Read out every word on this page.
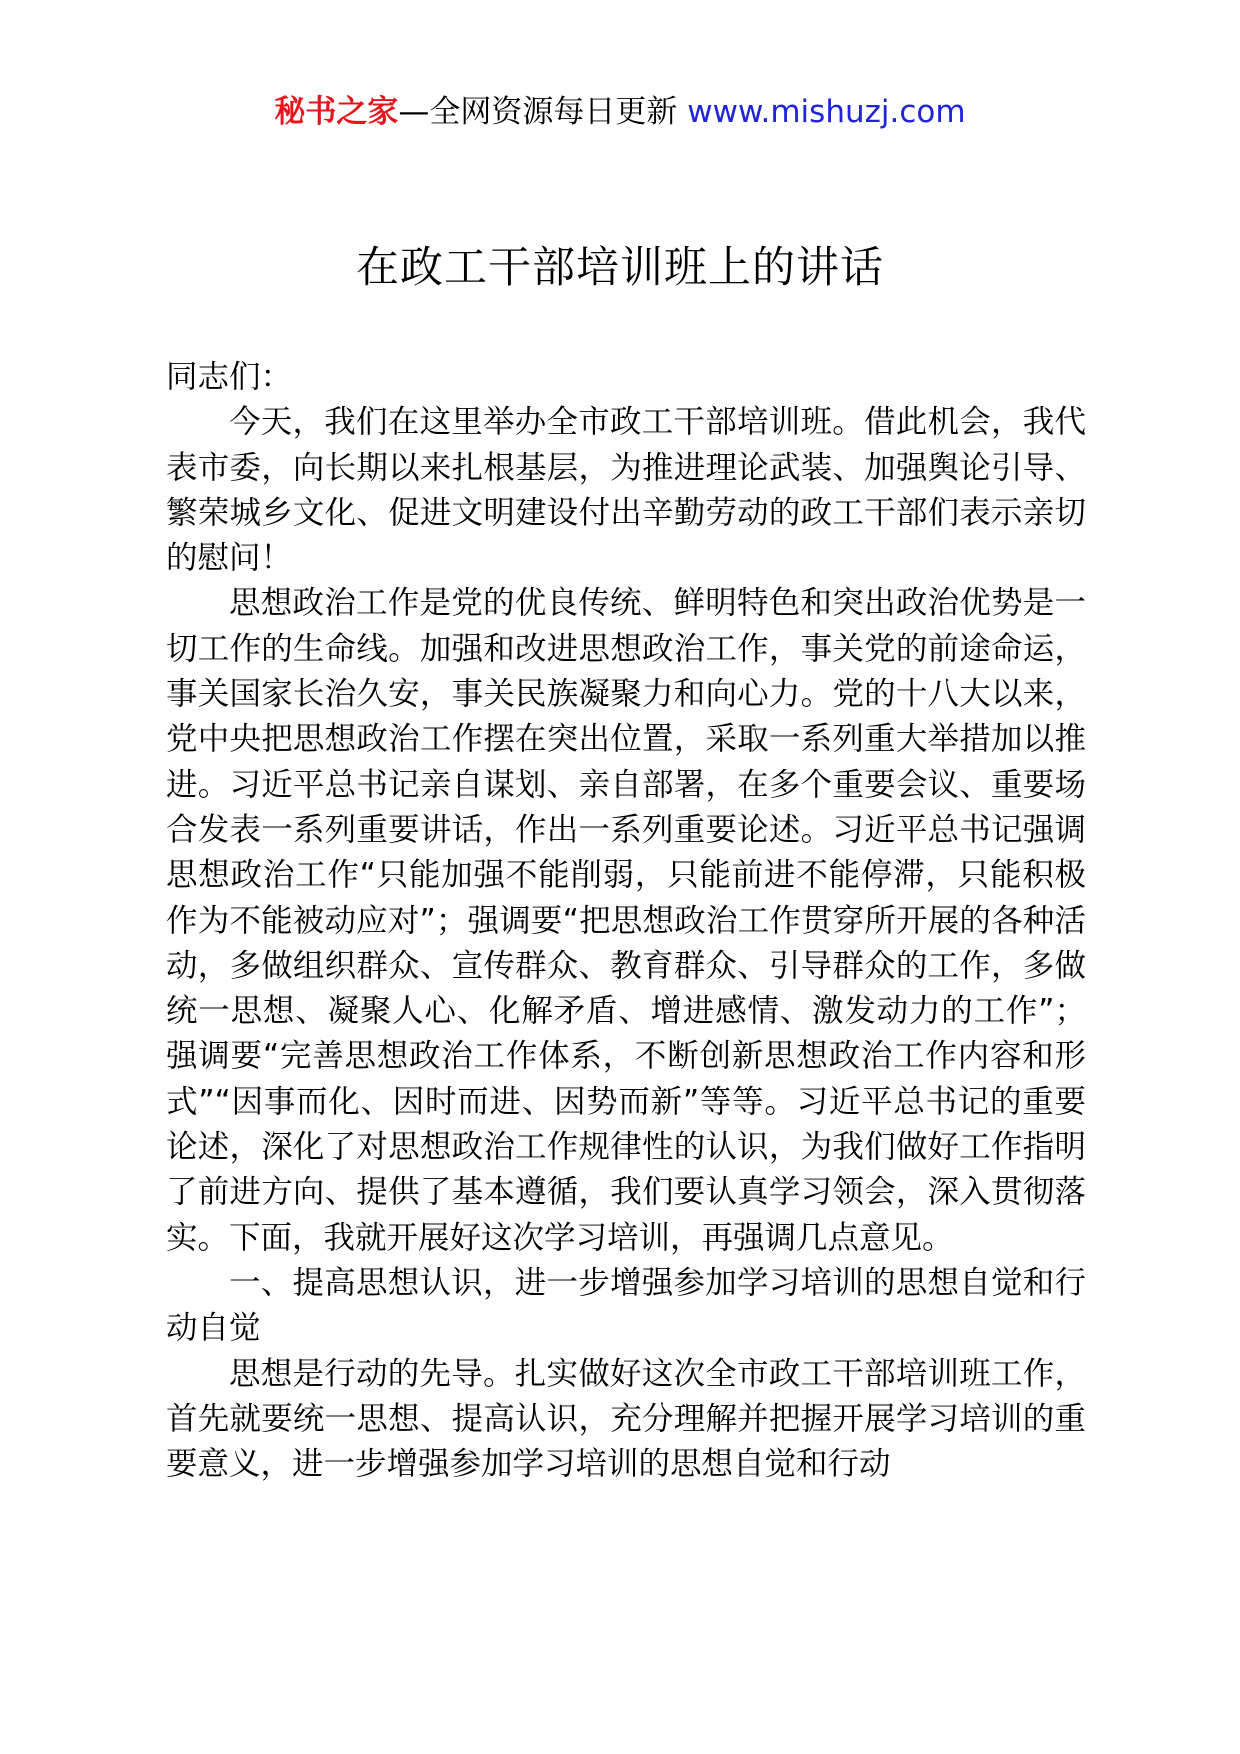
秘书之家—全网资源每日更新 www.mishuzj.com
在政工干部培训班上的讲话

同志们：

今天，我们在这里举办全市政工干部培训班。借此机会，我代表市委，向长期以来扎根基层，为推进理论武装、加强舆论引导、繁荣城乡文化、促进文明建设付出辛勤劳动的政工干部们表示亲切的慰问！

思想政治工作是党的优良传统、鲜明特色和突出政治优势是一切工作的生命线。加强和改进思想政治工作，事关党的前途命运，事关国家长治久安，事关民族凝聚力和向心力。党的十八大以来，党中央把思想政治工作摆在突出位置，采取一系列重大举措加以推进。习近平总书记亲自谋划、亲自部署，在多个重要会议、重要场合发表一系列重要讲话，作出一系列重要论述。习近平总书记强调思想政治工作“只能加强不能削弱，只能前进不能停滞，只能积极作为不能被动应对”；强调要“把思想政治工作贯穿所开展的各种活动，多做组织群众、宣传群众、教育群众、引导群众的工作，多做统一思想、凝聚人心、化解矛盾、增进感情、激发动力的工作”；强调要“完善思想政治工作体系，不断创新思想政治工作内容和形式”“因事而化、因时而进、因势而新”等等。习近平总书记的重要论述，深化了对思想政治工作规律性的认识，为我们做好工作指明了前进方向、提供了基本遵循，我们要认真学习领会，深入贯彻落实。下面，我就开展好这次学习培训，再强调几点意见。

一、提高思想认识，进一步增强参加学习培训的思想自觉和行动自觉

思想是行动的先导。扎实做好这次全市政工干部培训班工作，首先就要统一思想、提高认识，充分理解并把握开展学习培训的重要意义，进一步增强参加学习培训的思想自觉和行动
